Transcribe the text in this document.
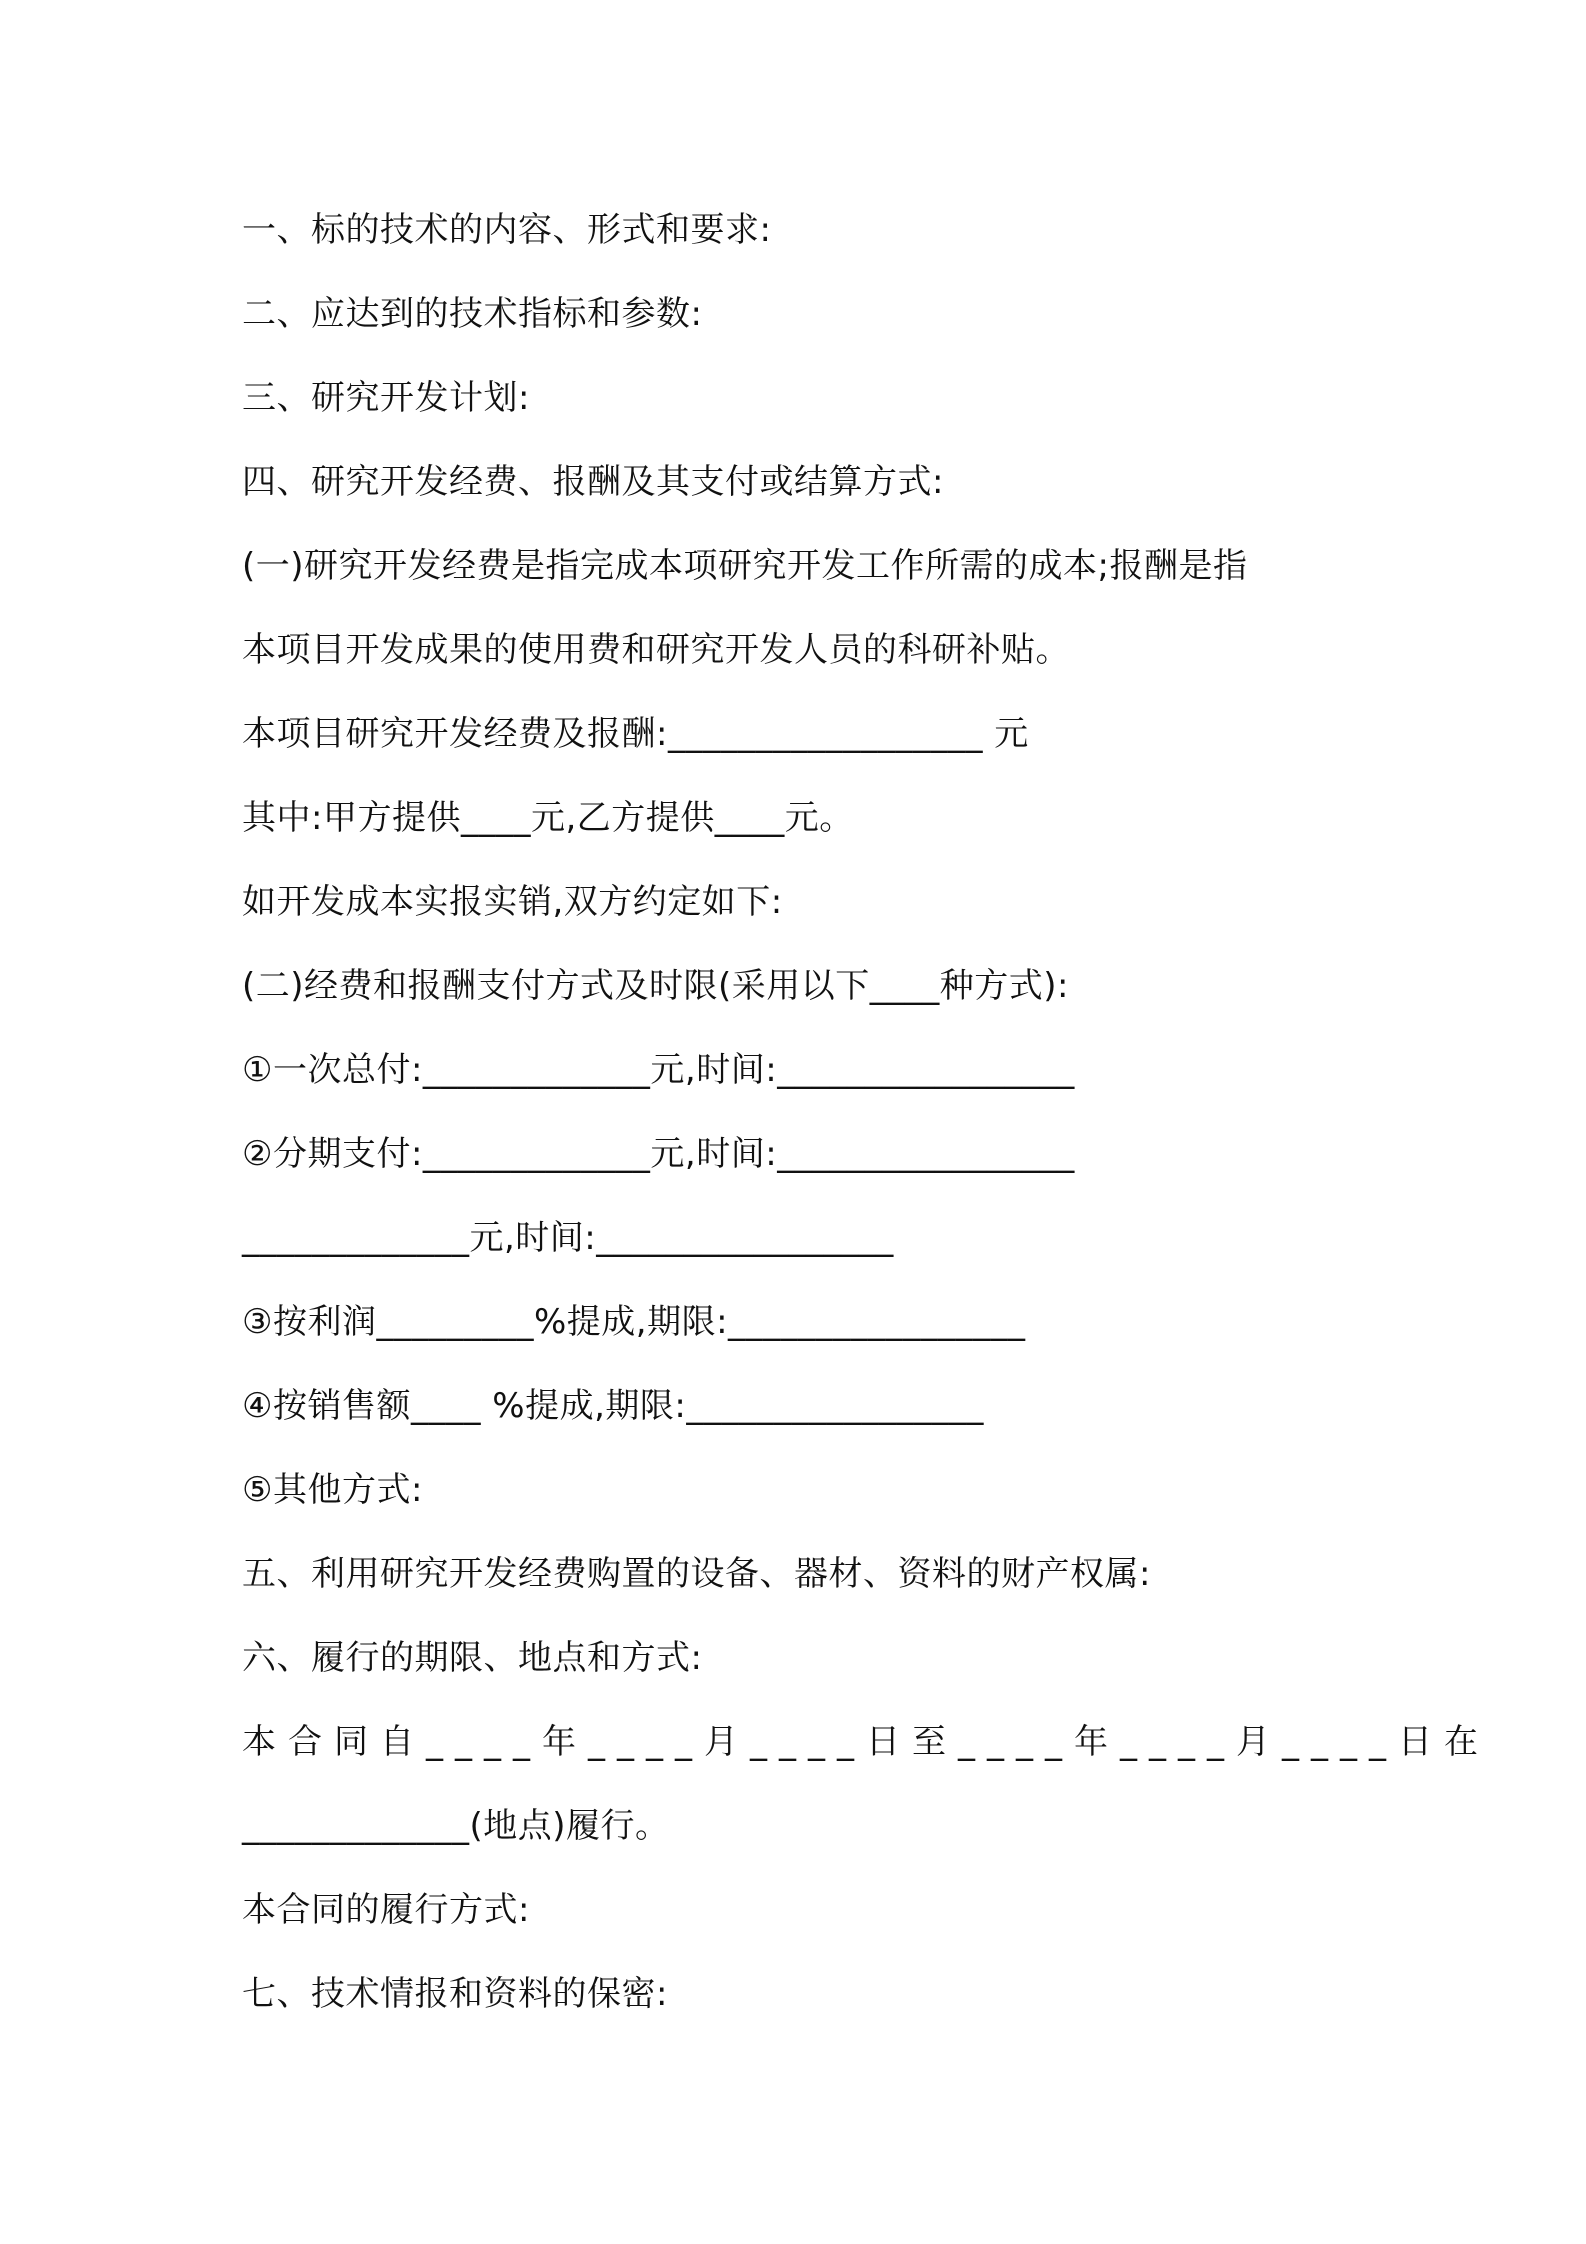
一、标的技术的内容、形式和要求:
二、应达到的技术指标和参数:
三、研究开发计划:
四、研究开发经费、报酬及其支付或结算方式:
(一)研究开发经费是指完成本项研究开发工作所需的成本;报酬是指
本项目开发成果的使用费和研究开发人员的科研补贴。
本项目研究开发经费及报酬:__________________ 元
其中:甲方提供____元,乙方提供____元。
如开发成本实报实销,双方约定如下:
(二)经费和报酬支付方式及时限(采用以下____种方式):
①一次总付:_____________元,时间:_________________
②分期支付:_____________元,时间:_________________
_____________元,时间:_________________
③按利润_________%提成,期限:_________________
④按销售额____ %提成,期限:_________________
⑤其他方式:
五、利用研究开发经费购置的设备、器材、资料的财产权属:
六、履行的期限、地点和方式:
本合同自____年____月____日至____年____月____日在
_____________(地点)履行。
本合同的履行方式:
七、技术情报和资料的保密:
